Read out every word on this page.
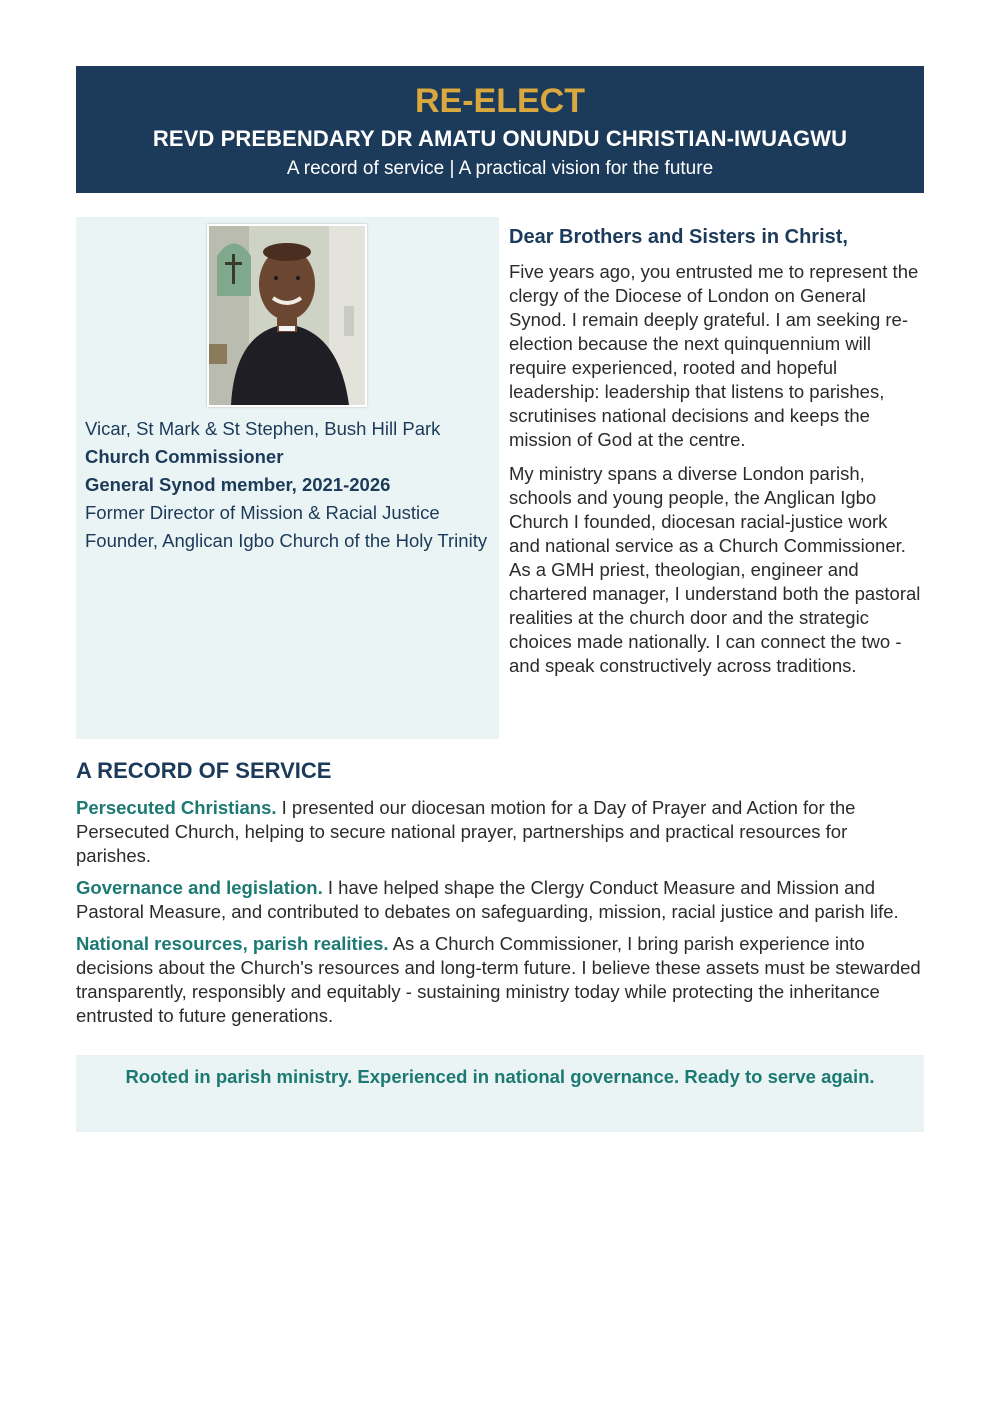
RE-ELECT
REVD PREBENDARY DR AMATU ONUNDU CHRISTIAN-IWUAGWU
A record of service | A practical vision for the future
Vicar, St Mark & St Stephen, Bush Hill Park
Church Commissioner
General Synod member, 2021-2026
Former Director of Mission & Racial Justice
Founder, Anglican Igbo Church of the Holy Trinity
Dear Brothers and Sisters in Christ,

Five years ago, you entrusted me to represent the clergy of the Diocese of London on General Synod. I remain deeply grateful. I am seeking re-election because the next quinquennium will require experienced, rooted and hopeful leadership: leadership that listens to parishes, scrutinises national decisions and keeps the mission of God at the centre.

My ministry spans a diverse London parish, schools and young people, the Anglican Igbo Church I founded, diocesan racial-justice work and national service as a Church Commissioner. As a GMH priest, theologian, engineer and chartered manager, I understand both the pastoral realities at the church door and the strategic choices made nationally. I can connect the two - and speak constructively across traditions.

A RECORD OF SERVICE

Persecuted Christians. I presented our diocesan motion for a Day of Prayer and Action for the Persecuted Church, helping to secure national prayer, partnerships and practical resources for parishes.

Governance and legislation. I have helped shape the Clergy Conduct Measure and Mission and Pastoral Measure, and contributed to debates on safeguarding, mission, racial justice and parish life.

National resources, parish realities. As a Church Commissioner, I bring parish experience into decisions about the Church's resources and long-term future. I believe these assets must be stewarded transparently, responsibly and equitably - sustaining ministry today while protecting the inheritance entrusted to future generations.

Rooted in parish ministry. Experienced in national governance. Ready to serve again.
